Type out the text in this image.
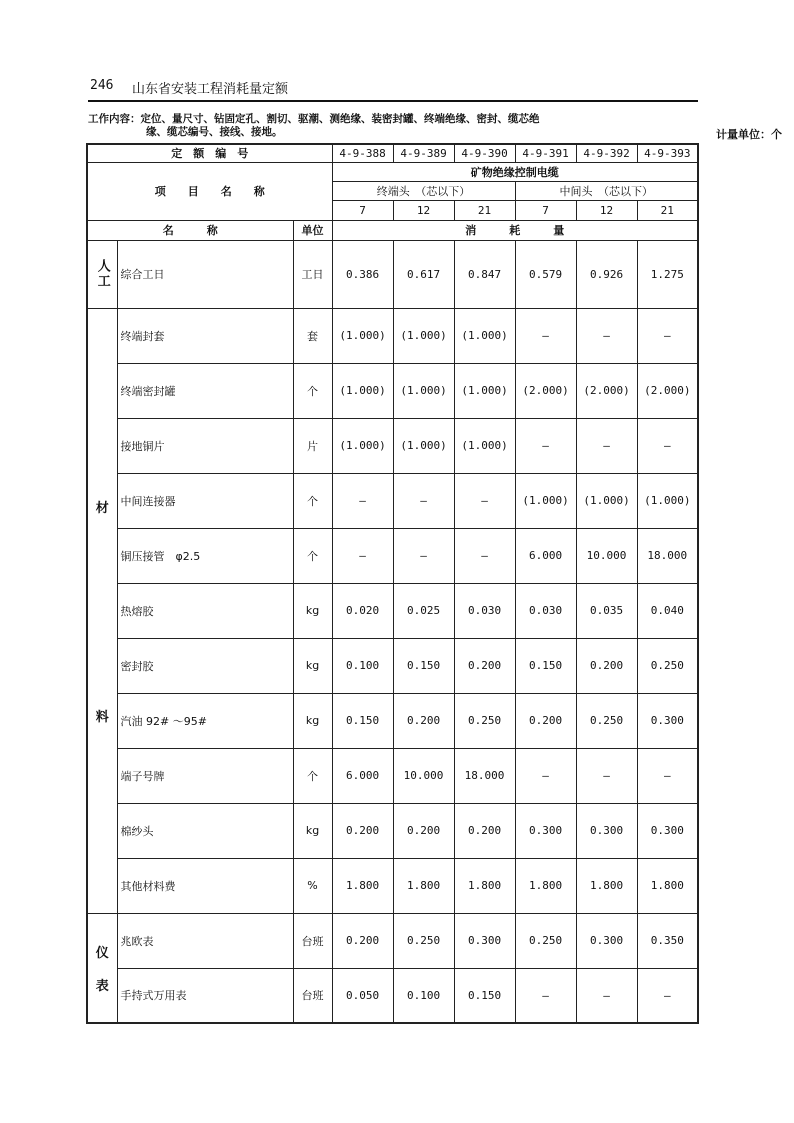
246 山东省安装工程消耗量定额
工作内容：定位、量尺寸、钻固定孔、割切、驱潮、测绝缘、装密封罐、终端绝缘、密封、缆芯绝
缘、缆芯编号、接线、接地。	计量单位：个
定　额　编　号			4-9-388	4-9-389	4-9-390	4-9-391	4-9-392	4-9-393
项　　目　　名　　称			矿物绝缘控制电缆					
			终端头　（芯以下）			中间头　（芯以下）		
			7	12	21	7	12	21
名　　　称		单位	消　　　耗　　　量					
人工	综合工日	工日	0.386	0.617	0.847	0.579	0.926	1.275

材
料	终端封套	套	(1.000)	(1.000)	(1.000)	—	—	—
	终端密封罐	个	(1.000)	(1.000)	(1.000)	(2.000)	(2.000)	(2.000)
	接地铜片	片	(1.000)	(1.000)	(1.000)	—	—	—
	中间连接器	个	—	—	—	(1.000)	(1.000)	(1.000)
	铜压接管　φ2.5	个	—	—	—	6.000	10.000	18.000
	热熔胶	kg	0.020	0.025	0.030	0.030	0.035	0.040
	密封胶	kg	0.100	0.150	0.200	0.150	0.200	0.250
	汽油 92# ～95#	kg	0.150	0.200	0.250	0.200	0.250	0.300
	端子号牌	个	6.000	10.000	18.000	—	—	—
	棉纱头	kg	0.200	0.200	0.200	0.300	0.300	0.300
	其他材料费	%	1.800	1.800	1.800	1.800	1.800	1.800

仪
表	兆欧表	台班	0.200	0.250	0.300	0.250	0.300	0.350
	手持式万用表	台班	0.050	0.100	0.150	—	—	—
